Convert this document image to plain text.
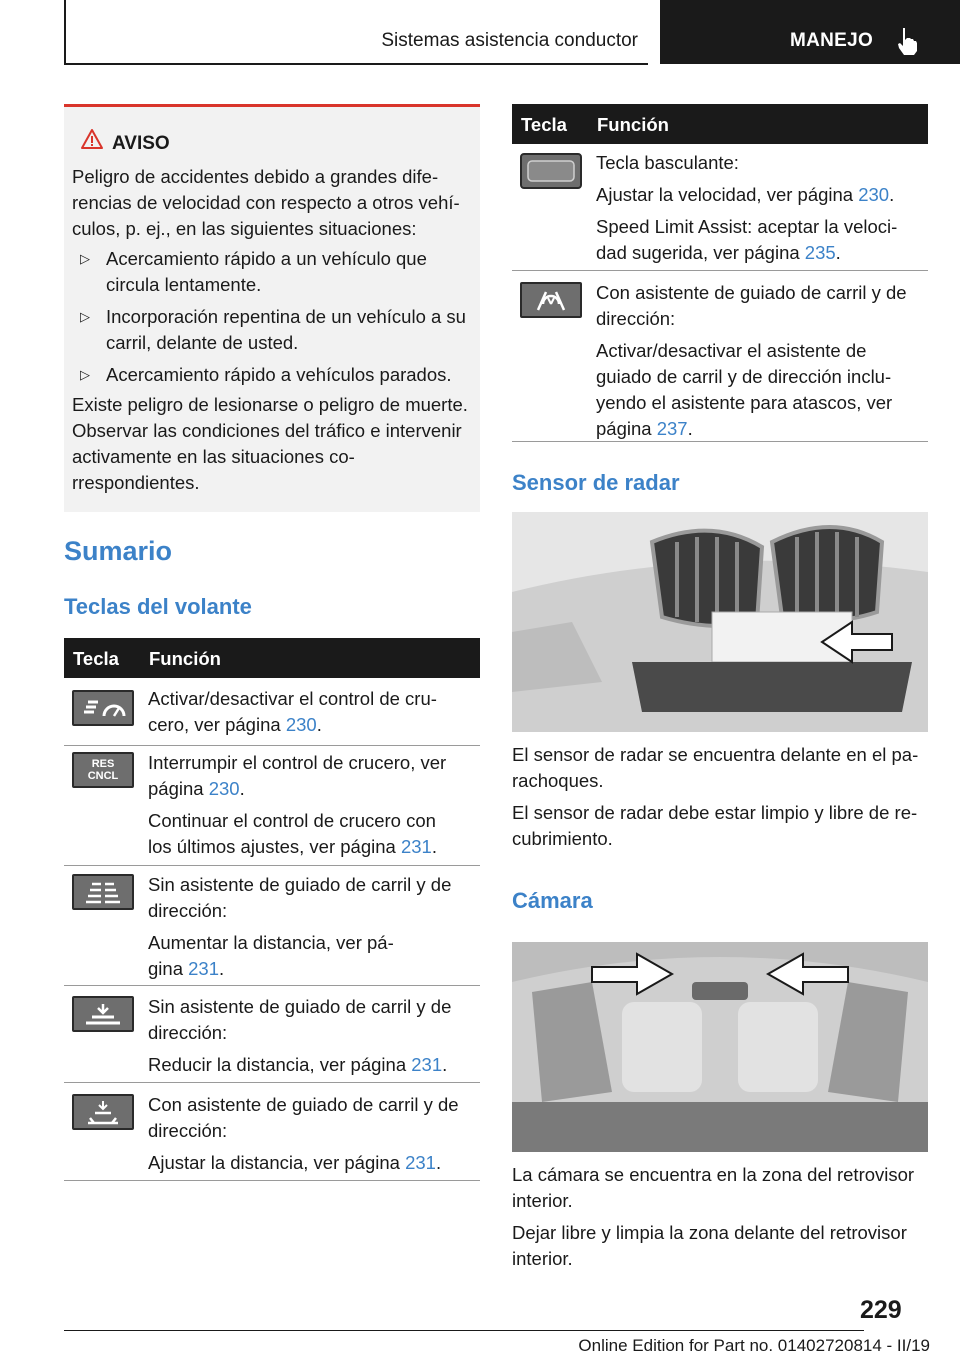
Sistemas asistencia conductor	MANEJO
AVISO
Peligro de accidentes debido a grandes dife-rencias de velocidad con respecto a otros vehí-culos, p. ej., en las siguientes situaciones:
▷ Acercamiento rápido a un vehículo que circula lentamente.
▷ Incorporación repentina de un vehículo a su carril, delante de usted.
▷ Acercamiento rápido a vehículos parados.
Existe peligro de lesionarse o peligro de muerte. Observar las condiciones del tráfico e intervenir activamente en las situaciones co-rrespondientes.
Sumario
Teclas del volante
Tecla Función
Activar/desactivar el control de cru-
cero, ver página 230.
RES
CNCL
Interrumpir el control de crucero, ver
página 230.
Continuar el control de crucero con
los últimos ajustes, ver página 231.
Sin asistente de guiado de carril y de
dirección:
Aumentar la distancia, ver pá-
gina 231.
Sin asistente de guiado de carril y de
dirección:
Reducir la distancia, ver página 231.
Con asistente de guiado de carril y de
dirección:
Ajustar la distancia, ver página 231.
Tecla Función
Tecla basculante:
Ajustar la velocidad, ver página 230.
Speed Limit Assist: aceptar la veloci-
dad sugerida, ver página 235.
Con asistente de guiado de carril y de
dirección:
Activar/desactivar el asistente de
guiado de carril y de dirección inclu-
yendo el asistente para atascos, ver
página 237.
Sensor de radar
El sensor de radar se encuentra delante en el pa-
rachoques.
El sensor de radar debe estar limpio y libre de re-
cubrimiento.
Cámara
La cámara se encuentra en la zona del retrovisor
interior.
Dejar libre y limpia la zona delante del retrovisor
interior.
229
Online Edition for Part no. 01402720814 - II/19
